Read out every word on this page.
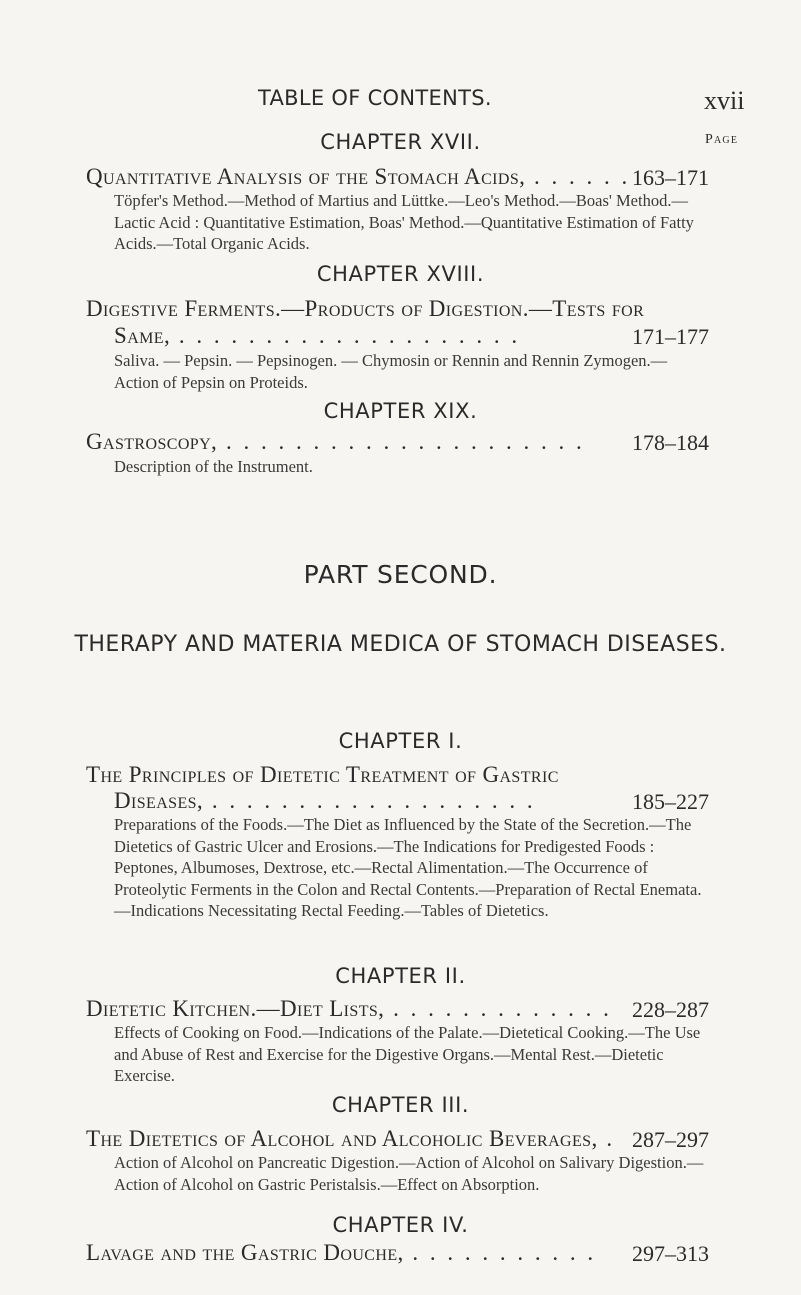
TABLE OF CONTENTS.	xvii
CHAPTER XVII.	Page
Quantitative Analysis of the Stomach Acids, . . . . . . 163–171
Töpfer's Method.—Method of Martius and Lüttke.—Leo's Method.—Boas' Method.—Lactic Acid : Quantitative Estimation, Boas' Method.—Quantitative Estimation of Fatty Acids.—Total Organic Acids.
CHAPTER XVIII.
Digestive Ferments.—Products of Digestion.—Tests for
Same, . . . . . . . . . . . . . . . . . . . .	171–177
Saliva. — Pepsin. — Pepsinogen. — Chymosin or Rennin and Rennin Zymogen.—Action of Pepsin on Proteids.
CHAPTER XIX.
Gastroscopy, . . . . . . . . . . . . . . . . . . . . .	178–184
Description of the Instrument.
PART SECOND.
THERAPY AND MATERIA MEDICA OF STOMACH DISEASES.
CHAPTER I.
The Principles of Dietetic Treatment of Gastric
Diseases, . . . . . . . . . . . . . . . . . . .	185–227
Preparations of the Foods.—The Diet as Influenced by the State of the Secretion.—The Dietetics of Gastric Ulcer and Erosions.—The Indications for Predigested Foods : Peptones, Albumoses, Dextrose, etc.—Rectal Alimentation.—The Occurrence of Proteolytic Ferments in the Colon and Rectal Contents.—Preparation of Rectal Enemata.—Indications Necessitating Rectal Feeding.—Tables of Dietetics.
CHAPTER II.
Dietetic Kitchen.—Diet Lists, . . . . . . . . . . . . . 228–287
Effects of Cooking on Food.—Indications of the Palate.—Dietetical Cooking.—The Use and Abuse of Rest and Exercise for the Digestive Organs.—Mental Rest.—Dietetic Exercise.
CHAPTER III.
The Dietetics of Alcohol and Alcoholic Beverages, . 287–297
Action of Alcohol on Pancreatic Digestion.—Action of Alcohol on Salivary Digestion.—Action of Alcohol on Gastric Peristalsis.—Effect on Absorption.
CHAPTER IV.
Lavage and the Gastric Douche, . . . . . . . . . . .	297–313
